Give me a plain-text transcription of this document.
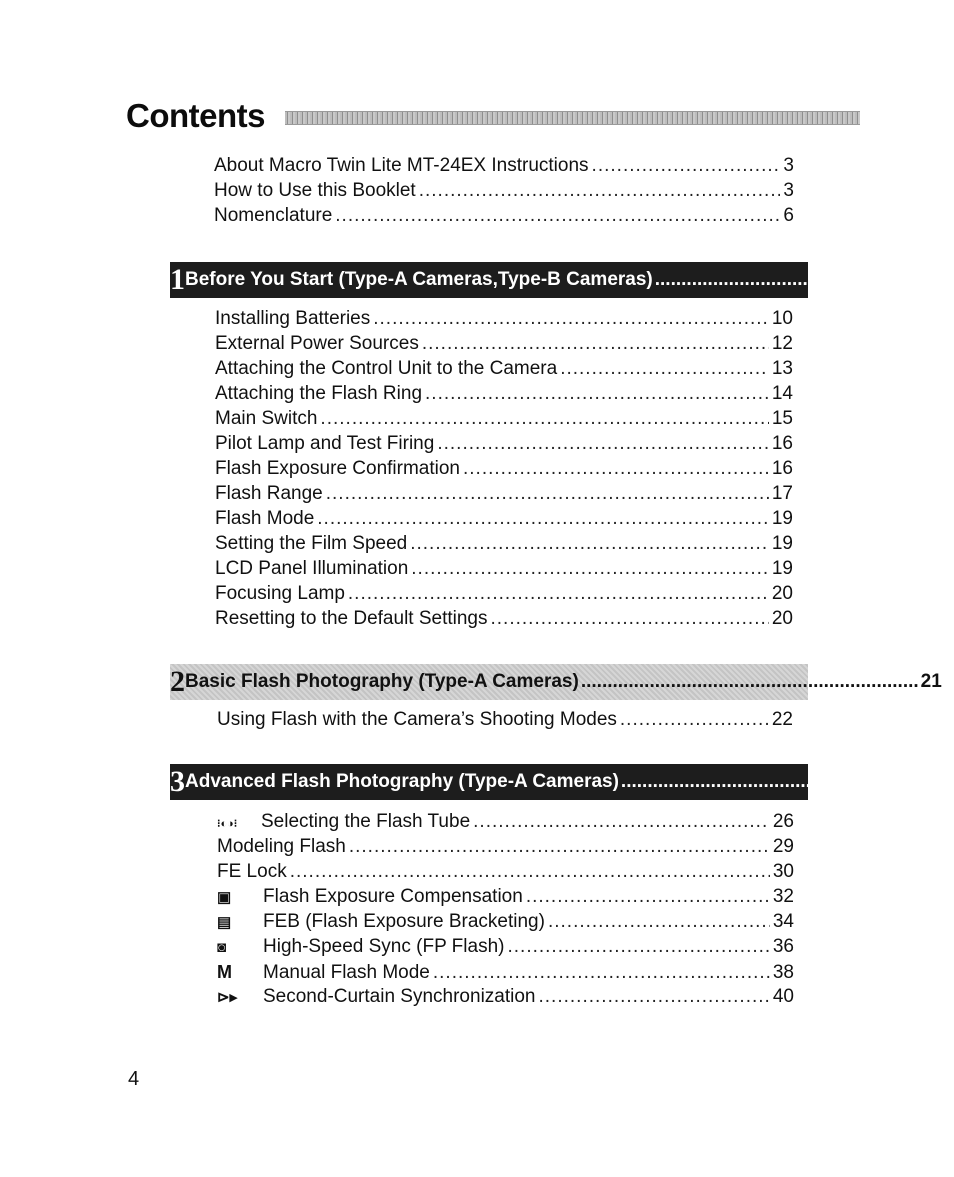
Contents
About Macro Twin Lite MT-24EX Instructions .....	3
How to Use this Booklet .....	3
Nomenclature .....	6
1 Before You Start (Type-A Cameras,Type-B Cameras)
.....
Installing Batteries .....	10
External Power Sources .....	12
Attaching the Control Unit to the Camera .....	13
Attaching the Flash Ring .....	14
Main Switch .....	15
Pilot Lamp and Test Firing .....	16
Flash Exposure Confirmation .....	16
Flash Range .....	17
Flash Mode .....	19
Setting the Film Speed .....	19
LCD Panel Illumination .....	19
Focusing Lamp .....	20
Resetting to the Default Settings .....	20
2 Basic Flash Photography (Type-A Cameras) .....	21
Using Flash with the Camera’s Shooting Modes .....	22
3 Advanced Flash Photography (Type-A Cameras)
.....
⁝◐◑⁝	Selecting the Flash Tube .....	26
Modeling Flash .....	29
FE Lock .....	30
▣	Flash Exposure Compensation .....	32
▤	FEB (Flash Exposure Bracketing) .....	34
◙	High-Speed Sync (FP Flash) .....	36
M	Manual Flash Mode .....	38
⊳▸	Second-Curtain Synchronization .....	40
4
